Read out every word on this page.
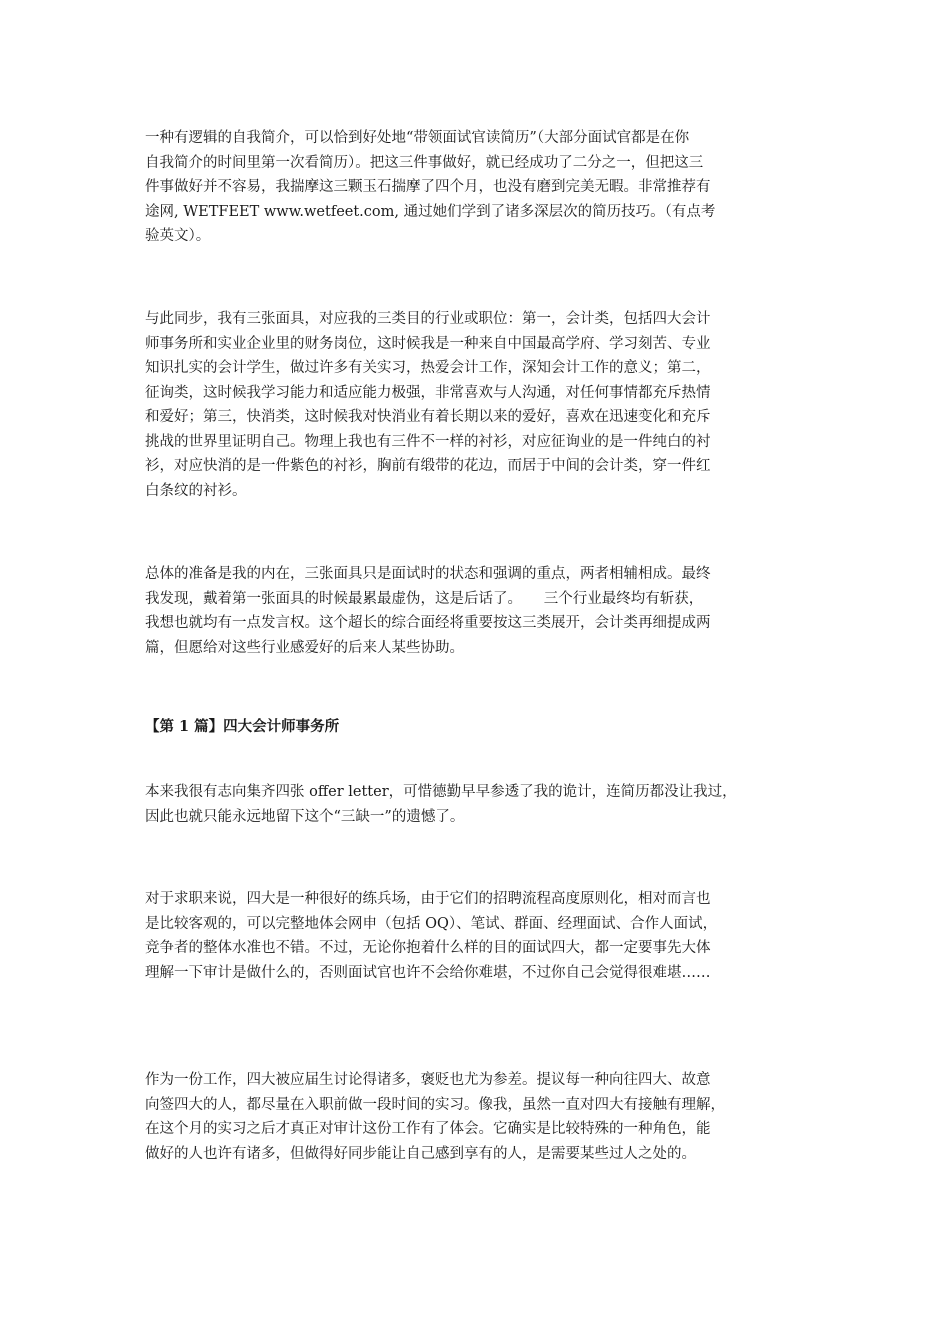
一种有逻辑的自我简介，可以恰到好处地“带领面试官读简历”（大部分面试官都是在你
自我简介的时间里第一次看简历）。把这三件事做好，就已经成功了二分之一，但把这三
件事做好并不容易，我揣摩这三颗玉石揣摩了四个月，也没有磨到完美无暇。非常推荐有
途网, WETFEET www.wetfeet.com, 通过她们学到了诸多深层次的简历技巧。（有点考
验英文）。

与此同步，我有三张面具，对应我的三类目的行业或职位：第一，会计类，包括四大会计
师事务所和实业企业里的财务岗位，这时候我是一种来自中国最高学府、学习刻苦、专业
知识扎实的会计学生，做过许多有关实习，热爱会计工作，深知会计工作的意义；第二，
征询类，这时候我学习能力和适应能力极强，非常喜欢与人沟通，对任何事情都充斥热情
和爱好；第三，快消类，这时候我对快消业有着长期以来的爱好，喜欢在迅速变化和充斥
挑战的世界里证明自己。物理上我也有三件不一样的衬衫，对应征询业的是一件纯白的衬
衫，对应快消的是一件紫色的衬衫，胸前有缎带的花边，而居于中间的会计类，穿一件红
白条纹的衬衫。

总体的准备是我的内在，三张面具只是面试时的状态和强调的重点，两者相辅相成。最终
我发现，戴着第一张面具的时候最累最虚伪，这是后话了。　　三个行业最终均有斩获，
我想也就均有一点发言权。这个超长的综合面经将重要按这三类展开，会计类再细提成两
篇，但愿给对这些行业感爱好的后来人某些协助。

【第 1 篇】四大会计师事务所

本来我很有志向集齐四张 offer letter，可惜德勤早早参透了我的诡计，连简历都没让我过，
因此也就只能永远地留下这个“三缺一”的遗憾了。

对于求职来说，四大是一种很好的练兵场，由于它们的招聘流程高度原则化，相对而言也
是比较客观的，可以完整地体会网申（包括 OQ）、笔试、群面、经理面试、合作人面试，
竞争者的整体水准也不错。不过，无论你抱着什么样的目的面试四大，都一定要事先大体
理解一下审计是做什么的，否则面试官也许不会给你难堪，不过你自己会觉得很难堪……

作为一份工作，四大被应届生讨论得诸多，褒贬也尤为参差。提议每一种向往四大、故意
向签四大的人，都尽量在入职前做一段时间的实习。像我，虽然一直对四大有接触有理解，
在这个月的实习之后才真正对审计这份工作有了体会。它确实是比较特殊的一种角色，能
做好的人也许有诸多，但做得好同步能让自己感到享有的人，是需要某些过人之处的。
